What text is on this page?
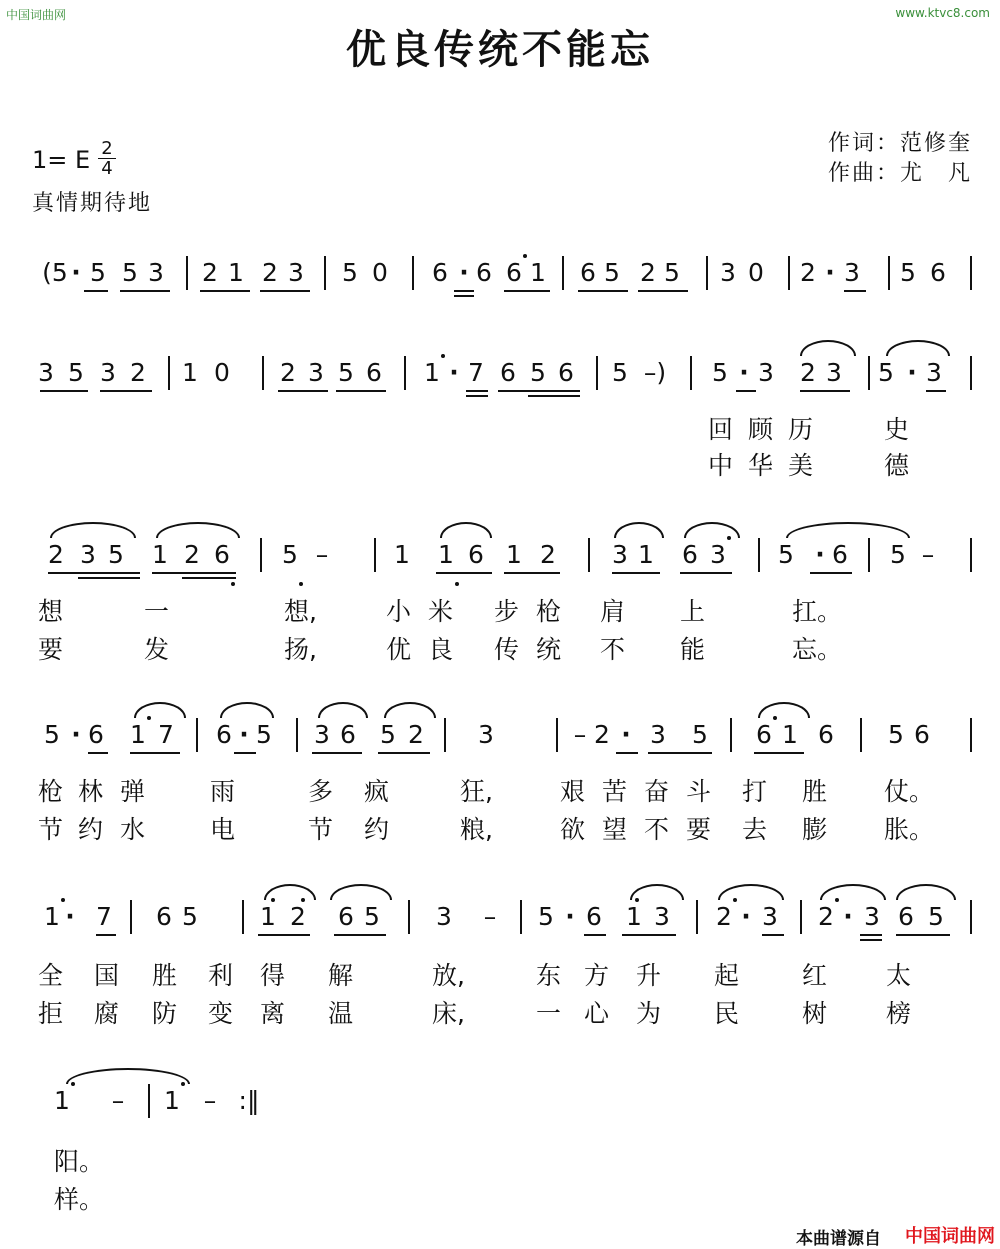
中国词曲网	www.ktvc8.com
优良传统不能忘
作词：范修奎
作曲：尤　凡
1= E 2
4
真情期待地
(5 · 5 5 3 2 1 2 3 5 0 6 · 6 6 1 6 5 2 5 3 0 2 · 3 5 6
3 5 3 2 1 0 2 3 5 6 1 · 7 6 5 6 5 –)	5 · 3 2 3 5 · 3
回 顾 历	史
中 华 美	德
2 3 5 1 2 6 5 –	1 1 6 1 2 3 1 6 3 5 · 6 5 –
想	一	想,	小 米 步 枪 肩 上	扛。
要	发	扬,	优 良 传 统 不 能	忘。
5 · 6 1 7 6 · 5 3 6 5 2 3	– 2 · 3 5 6 1 6 5 6
枪 林 弹	雨	多 疯	狂,	艰 苦 奋 斗 打 胜 仗。
节 约 水	电	节 约	粮,	欲 望 不 要 去 膨 胀。
1 · 7 6 5 1 2 6 5 3 – 5 · 6 1 3 2 · 3 2 · 3 6 5
全 国 胜 利 得 解	放,	东 方 升 起	红 太
拒 腐 防 变 离 温	床,	一 心 为 民	树 榜
1 – 1 – :‖
阳。
样。
本曲谱源自 中国词曲网
